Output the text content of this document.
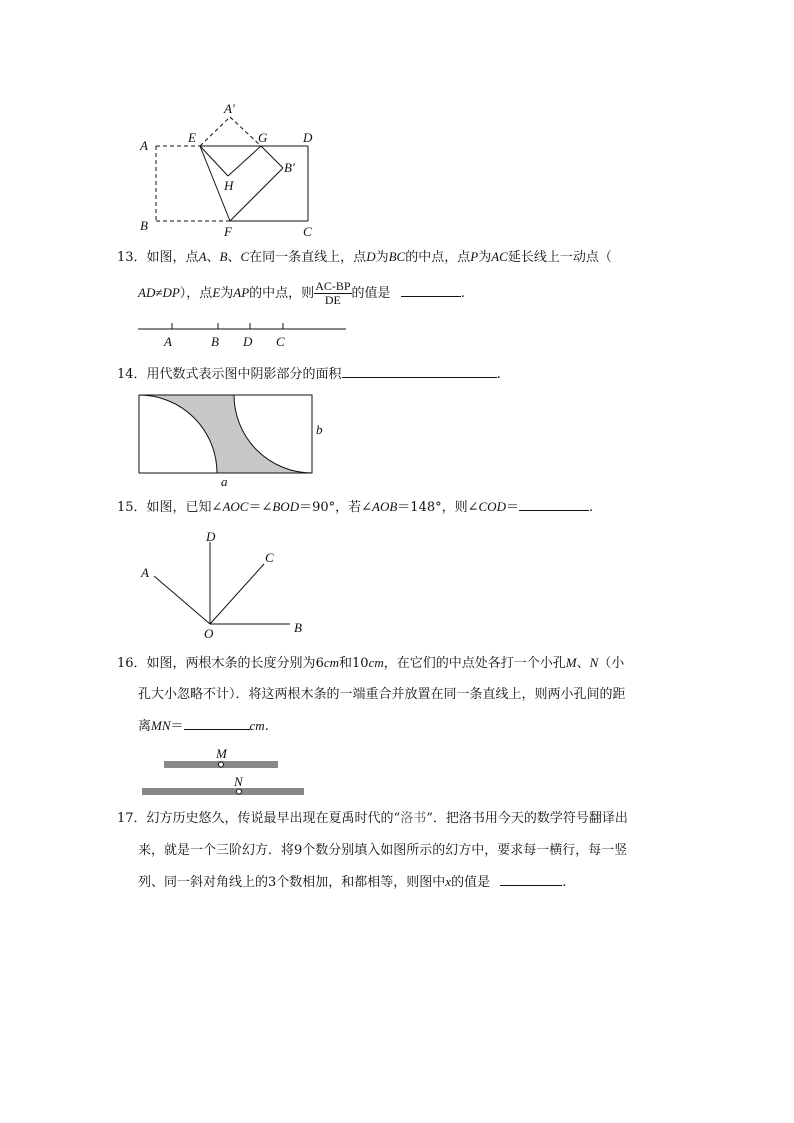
A′
A
E	G	D
B′
H
B	F	C
13．如图，点A、B、C在同一条直线上，点D为BC的中点，点P为AC延长线上一动点（
AD≠DP），点E为AP的中点，则 $\frac{AC-BP}{DE}$ 的值是	.
A	B D C
14．用代数式表示图中阴影部分的面积	.
b
a
15．如图，已知∠AOC＝∠BOD＝90°，若∠AOB＝148°，则∠COD＝	.
D
C
A
O	B
16．如图，两根木条的长度分别为6cm和10cm，在它们的中点处各打一个小孔M、N（小
孔大小忽略不计）．将这两根木条的一端重合并放置在同一条直线上，则两小孔间的距
离MN＝	cm.
M
N
17．幻方历史悠久，传说最早出现在夏禹时代的“洛书”．把洛书用今天的数学符号翻译出
来，就是一个三阶幻方．将9个数分别填入如图所示的幻方中，要求每一横行，每一竖
列、同一斜对角线上的3个数相加，和都相等，则图中x的值是	.
